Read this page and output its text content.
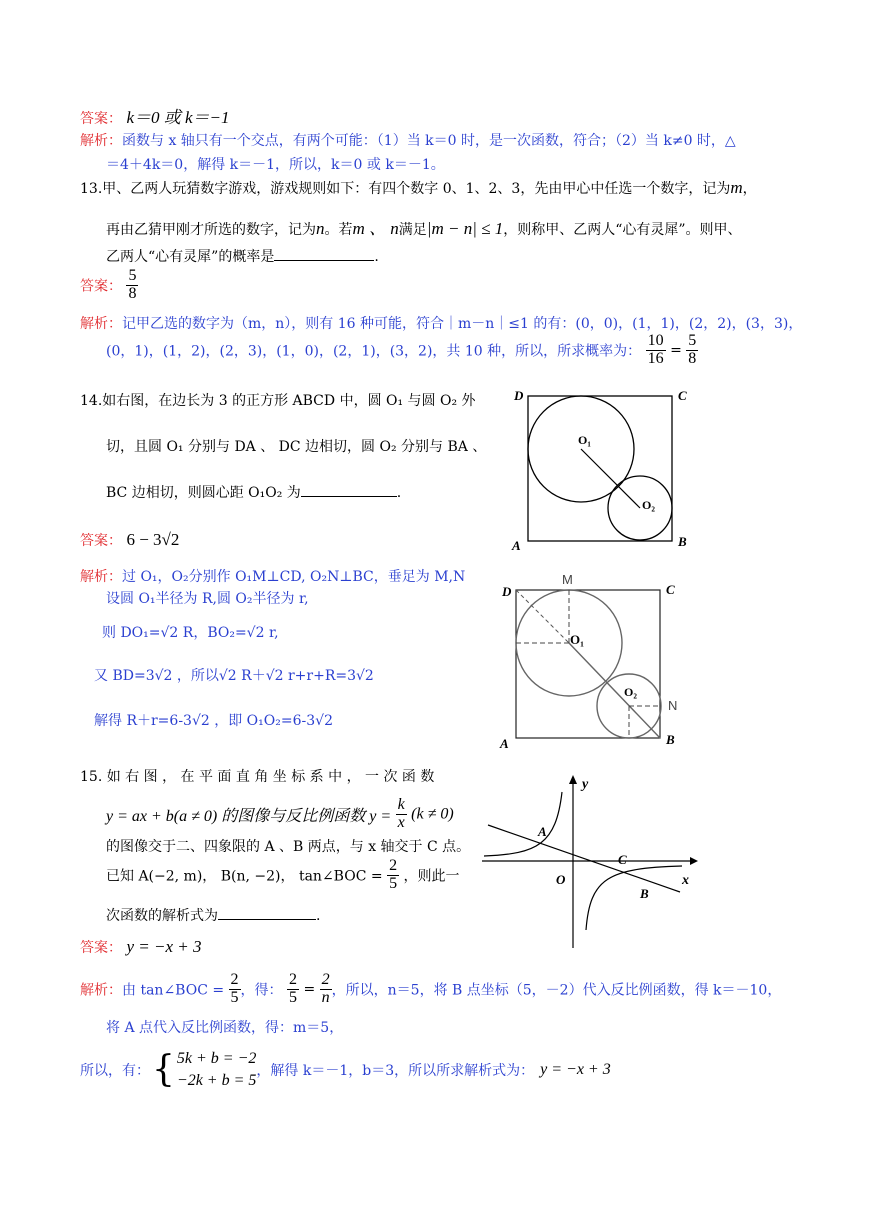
答案： k＝0 或 k＝−1
解析：函数与 x 轴只有一个交点，有两个可能：（1）当 k＝0 时，是一次函数，符合；（2）当 k≠0 时，△
＝4＋4k＝0，解得 k＝－1，所以，k＝0 或 k＝－1。
13.甲、乙两人玩猜数字游戏，游戏规则如下：有四个数字 0、1、2、3，先由甲心中任选一个数字，记为m，
再由乙猜甲刚才所选的数字，记为n。若m 、 n满足|m − n| ≤ 1，则称甲、乙两人“心有灵犀”。则甲、
乙两人“心有灵犀”的概率是	.
答案： $\frac{5}{8}$
解析：记甲乙选的数字为（m，n），则有 16 种可能，符合｜m－n｜≤1 的有：(0，0)，(1，1)，(2，2)，(3，3)，
(0，1)，(1，2)，(2，3)，(1，0)，(2，1)，(3，2)，共 10 种，所以，所求概率为： $\frac{10}{16} = \frac{5}{8}$
14.如右图，在边长为 3 的正方形 ABCD 中，圆 O₁ 与圆 O₂ 外
切，且圆 O₁ 分别与 DA 、 DC 边相切，圆 O₂ 分别与 BA 、
BC 边相切，则圆心距 O₁O₂ 为	.
答案： 6 − 3√2
解析：过 O₁，O₂分别作 O₁M⊥CD, O₂N⊥BC，垂足为 M,N
设圆 O₁半径为 R,圆 O₂半径为 r,
则 DO₁=√2 R，BO₂=√2 r,
又 BD=3√2 ，所以√2 R＋√2 r+r+R=3√2
解得 R＋r=6-3√2 ，即 O₁O₂=6-3√2
D	C
A	B
O₁
O₂
D	C
A	B
M
N
O₁
O₂
15. 如 右 图 ， 在 平 面 直 角 坐 标 系 中 ， 一 次 函 数
y = ax + b(a ≠ 0) 的图像与反比例函数 $y = \frac{k}{x} (k \ne 0)$
的图像交于二、四象限的 A 、B 两点，与 x 轴交于 C 点。
已知 A(−2, m)， B(n, −2)， tan∠BOC = $\frac{2}{5}$ ，则此一
次函数的解析式为	.
答案： y = −x + 3
解析：由 tan∠BOC = $\frac{2}{5}$ ，得： $\frac{2}{5} = \frac{2}{n}$ ，所以，n＝5，将 B 点坐标（5，－2）代入反比例函数，得 k＝－10，
将 A 点代入反比例函数，得：m＝5，
所以，有： { 5k + b = −2
−2k + b = 5
，解得 k＝－1，b＝3，所以所求解析式为： y = −x + 3
y
x
O
A
C
B
